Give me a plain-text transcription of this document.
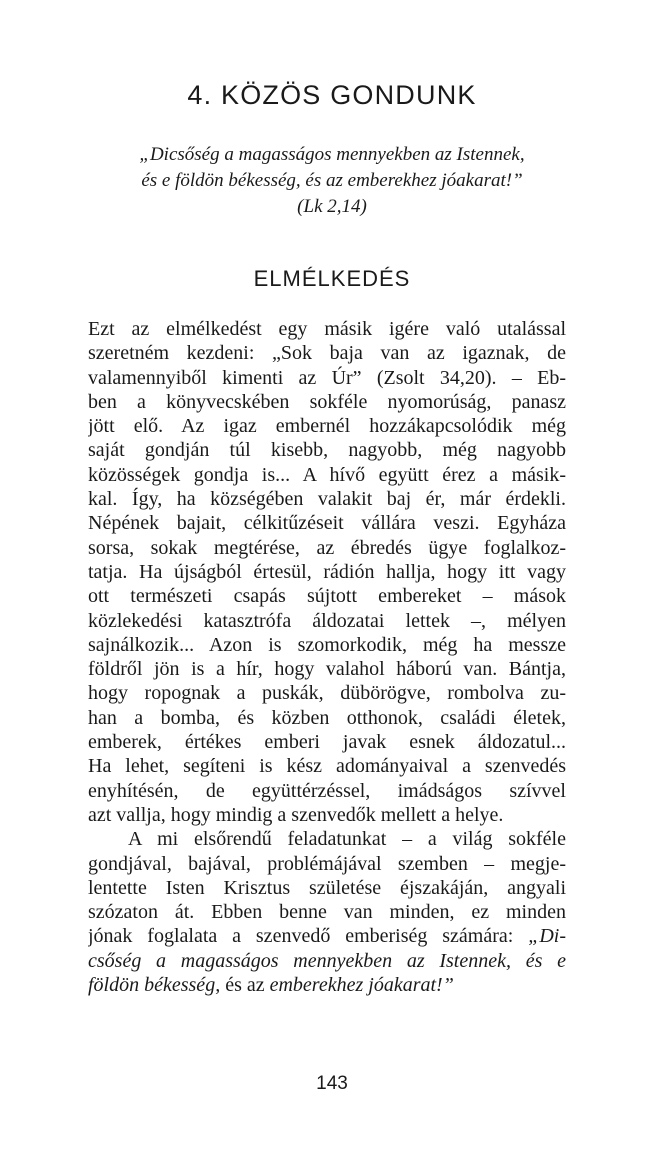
4. KÖZÖS GONDUNK
„Dicsőség a magasságos mennyekben az Istennek,
és e földön békesség, és az emberekhez jóakarat!”
(Lk 2,14)
ELMÉLKEDÉS
Ezt az elmélkedést egy másik igére való utalással
szeretném kezdeni: „Sok baja van az igaznak, de
valamennyiből kimenti az Úr” (Zsolt 34,20). – Eb-
ben a könyvecskében sokféle nyomorúság, panasz
jött elő. Az igaz embernél hozzákapcsolódik még
saját gondján túl kisebb, nagyobb, még nagyobb
közösségek gondja is... A hívő együtt érez a másik-
kal. Így, ha községében valakit baj ér, már érdekli.
Népének bajait, célkitűzéseit vállára veszi. Egyháza
sorsa, sokak megtérése, az ébredés ügye foglalkoz-
tatja. Ha újságból értesül, rádión hallja, hogy itt vagy
ott természeti csapás sújtott embereket – mások
közlekedési katasztrófa áldozatai lettek –, mélyen
sajnálkozik... Azon is szomorkodik, még ha messze
földről jön is a hír, hogy valahol háború van. Bántja,
hogy ropognak a puskák, dübörögve, rombolva zu-
han a bomba, és közben otthonok, családi életek,
emberek, értékes emberi javak esnek áldozatul...
Ha lehet, segíteni is kész adományaival a szenvedés
enyhítésén, de együttérzéssel, imádságos szívvel
azt vallja, hogy mindig a szenvedők mellett a helye.
A mi elsőrendű feladatunkat – a világ sokféle
gondjával, bajával, problémájával szemben – megje-
lentette Isten Krisztus születése éjszakáján, angyali
szózaton át. Ebben benne van minden, ez minden
jónak foglalata a szenvedő emberiség számára: „Di-
csőség a magasságos mennyekben az Istennek, és e
földön békesség, és az emberekhez jóakarat!”
143
